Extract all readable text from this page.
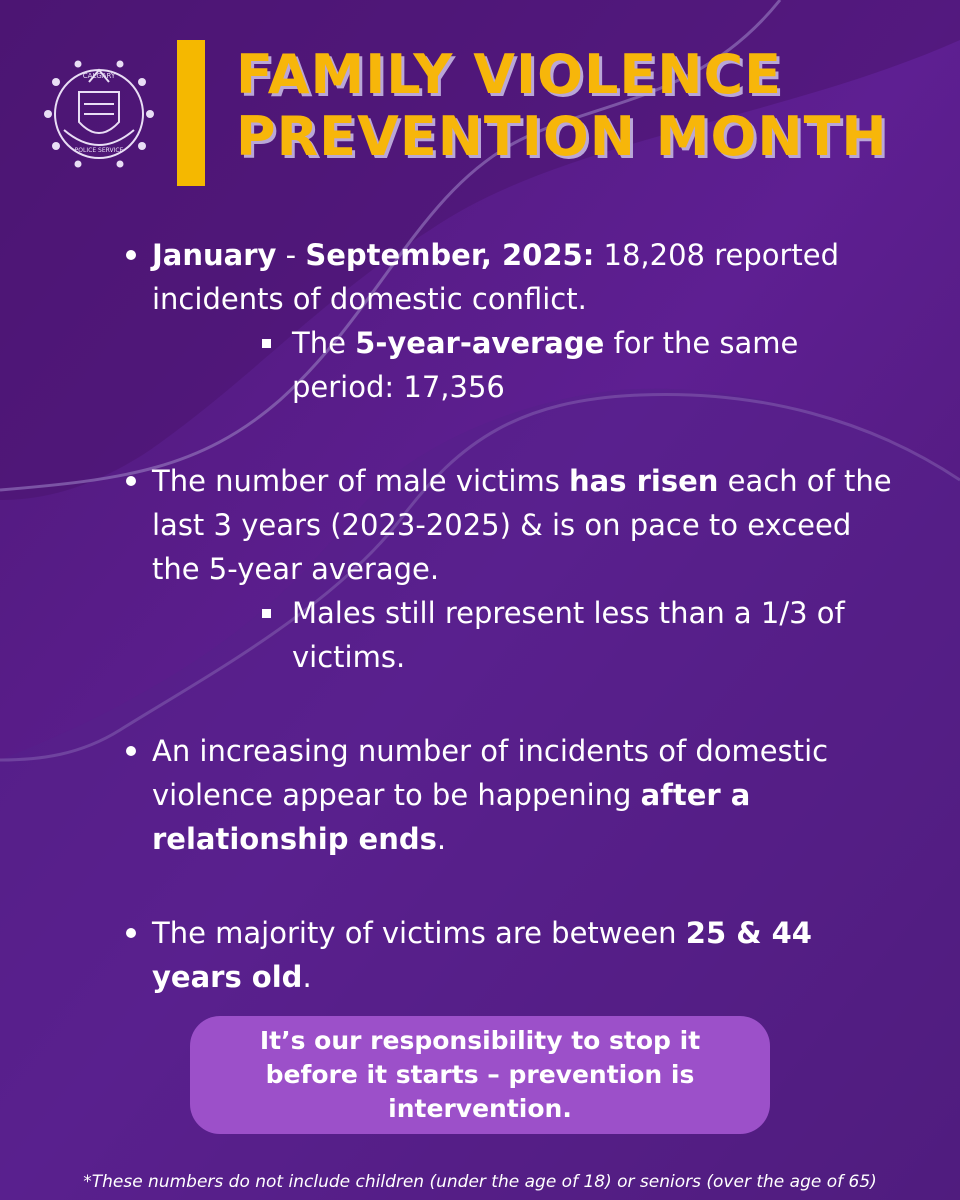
CALGARY
POLICE SERVICE
FAMILY VIOLENCE
PREVENTION MONTH
January - September, 2025: 18,208 reported incidents of domestic conflict.
The 5-year-average for the same period: 17,356
The number of male victims has risen each of the last 3 years (2023-2025) & is on pace to exceed the 5-year average.
Males still represent less than a 1/3 of victims.
An increasing number of incidents of domestic violence appear to be happening after a relationship ends.
The majority of victims are between 25 & 44 years old.
It’s our responsibility to stop it before it starts – prevention is intervention.
*These numbers do not include children (under the age of 18) or seniors (over the age of 65)
